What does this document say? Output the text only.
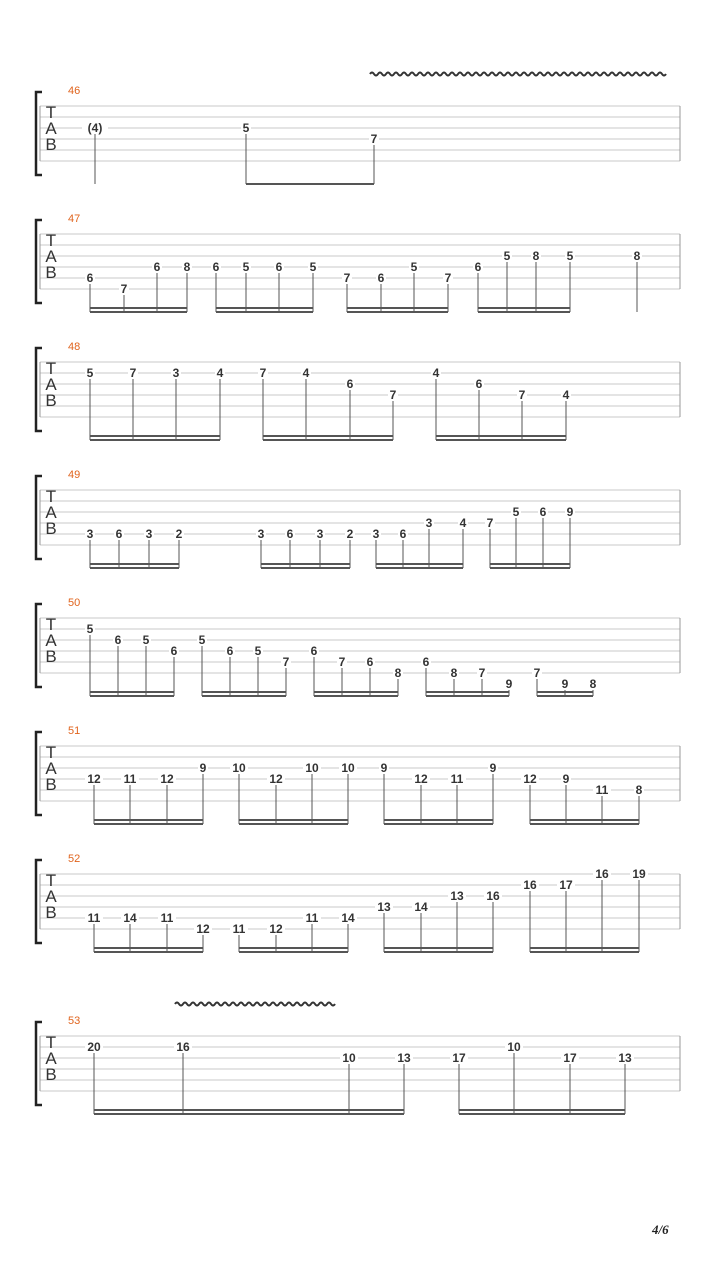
T
A
B
46
(4)	5
7
T
A
B
47
6
7
6 8 6 5 6 5
7 6
5
7
6
5 8 5	8
T
A
B
48
5	7	3	4	7	4
6
7
4
6
7	4
T
A
B
49
3 6 3 2	3 6 3 2 3 6
3 4 7
5 6 9
T
A
B
50
5
6 5
6
5
6 5
7
6
7 6
8
6
8 7
9
7
9 8
T
A
B
51
12 11 12
9 10
12
10 10 9
12 11
9
12 9
11 8
T
A
B
52
11 14 11
12 11 12
11 14
13 14
13 16
16 17
16 19
T
A
B
53
20	16
10	13	17
10
17	13
4/6
